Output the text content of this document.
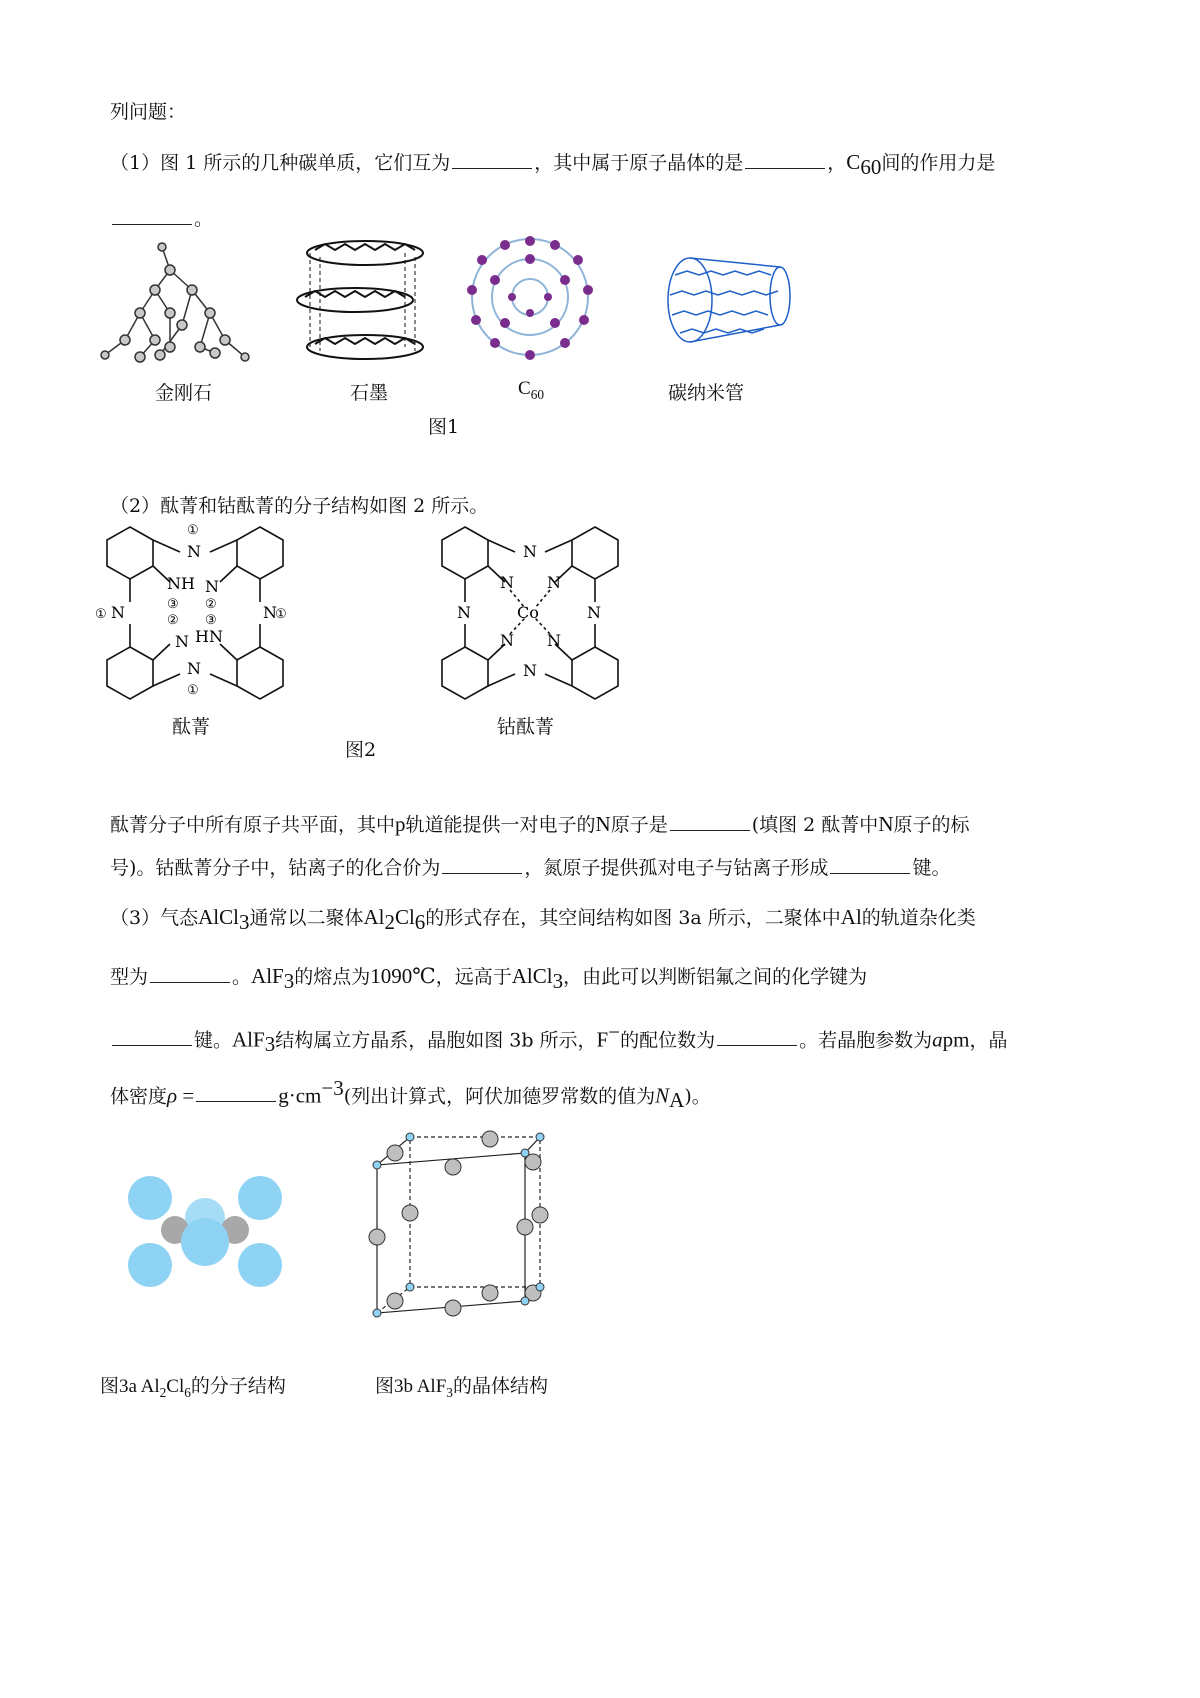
列问题：
（1）图 1 所示的几种碳单质，它们互为	，其中属于原子晶体的是	，$C_{60}$间的作用力是
。
金刚石	石墨	$C_{60}$	碳纳米管
图1
（2）酞菁和钴酞菁的分子结构如图 2 所示。
①
N
NH
③
②
②
③
HN
N
N
① N	N
①
N
①
N
N N
N	Co	N
N N
N
酞菁	钴酞菁
图2
酞菁分子中所有原子共平面，其中p轨道能提供一对电子的N原子是	(填图 2 酞菁中N原子的标
号)。钴酞菁分子中，钴离子的化合价为	，氮原子提供孤对电子与钴离子形成	键。
（3）气态AlCl$_3$通常以二聚体$Al_2Cl_6$的形式存在，其空间结构如图 3a 所示，二聚体中Al的轨道杂化类
型为	。AlF$_3$的熔点为1090℃，远高于AlCl$_3$，由此可以判断铝氟之间的化学键为
键。AlF$_3$结构属立方晶系，晶胞如图 3b 所示，F−的配位数为	。若晶胞参数为apm，晶
体密度ρ =	$g\cdot cm^{-3}$(列出计算式，阿伏加德罗常数的值为$N_A$)。
图3a $Al_2Cl_6$的分子结构	图3b AlF$_3$的晶体结构
